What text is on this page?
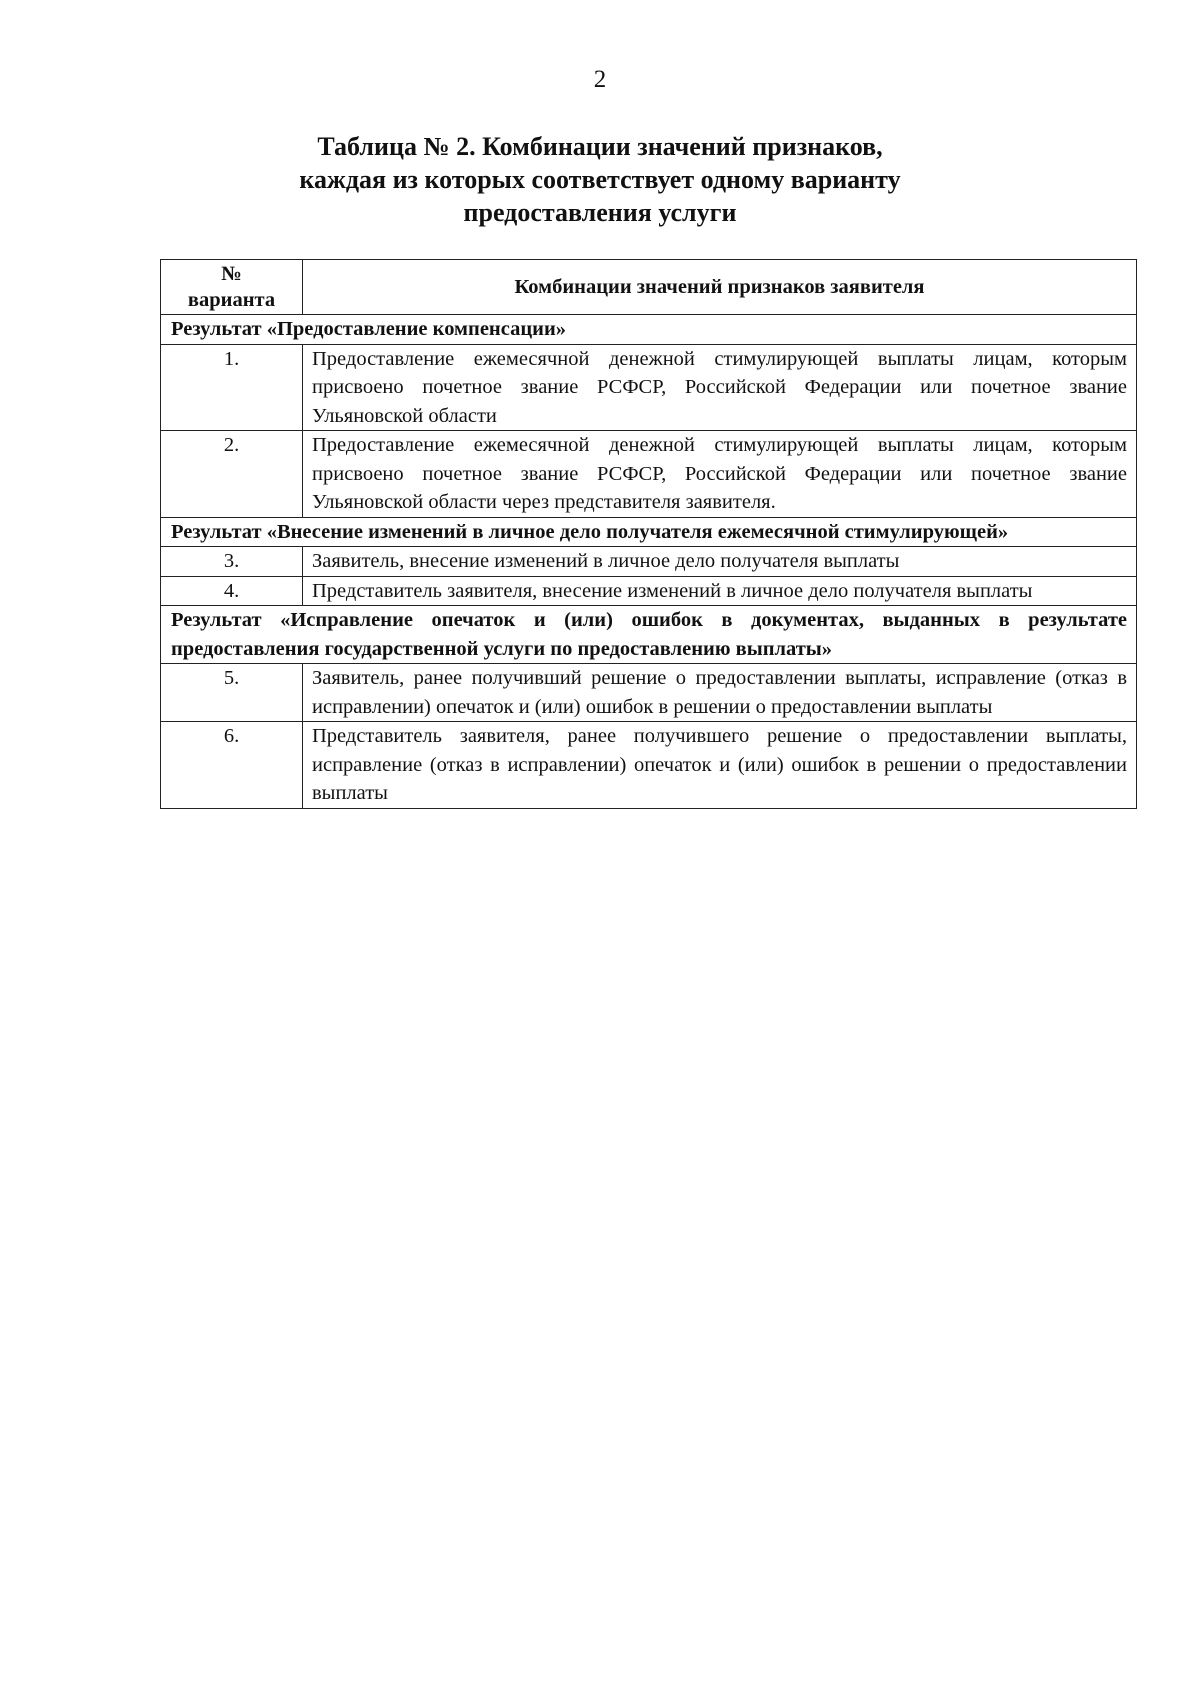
2
Таблица № 2. Комбинации значений признаков,
каждая из которых соответствует одному варианту
предоставления услуги
№
варианта	Комбинации значений признаков заявителя
Результат «Предоставление компенсации»	
1.	Предоставление ежемесячной денежной стимулирующей выплаты лицам, которым присвоено почетное звание РСФСР, Российской Федерации или почетное звание Ульяновской области
2.	Предоставление ежемесячной денежной стимулирующей выплаты лицам, которым присвоено почетное звание РСФСР, Российской Федерации или почетное звание Ульяновской области через представителя заявителя.
Результат «Внесение изменений в личное дело получателя ежемесячной стимулирующей»	
3.	Заявитель, внесение изменений в личное дело получателя выплаты
4.	Представитель заявителя, внесение изменений в личное дело получателя выплаты
Результат «Исправление опечаток и (или) ошибок в документах, выданных в результате предоставления государственной услуги по предоставлению выплаты»	
5.	Заявитель, ранее получивший решение о предоставлении выплаты, исправление (отказ в исправлении) опечаток и (или) ошибок в решении о предоставлении выплаты
6.	Представитель заявителя, ранее получившего решение о предоставлении выплаты, исправление (отказ в исправлении) опечаток и (или) ошибок в решении о предоставлении выплаты
